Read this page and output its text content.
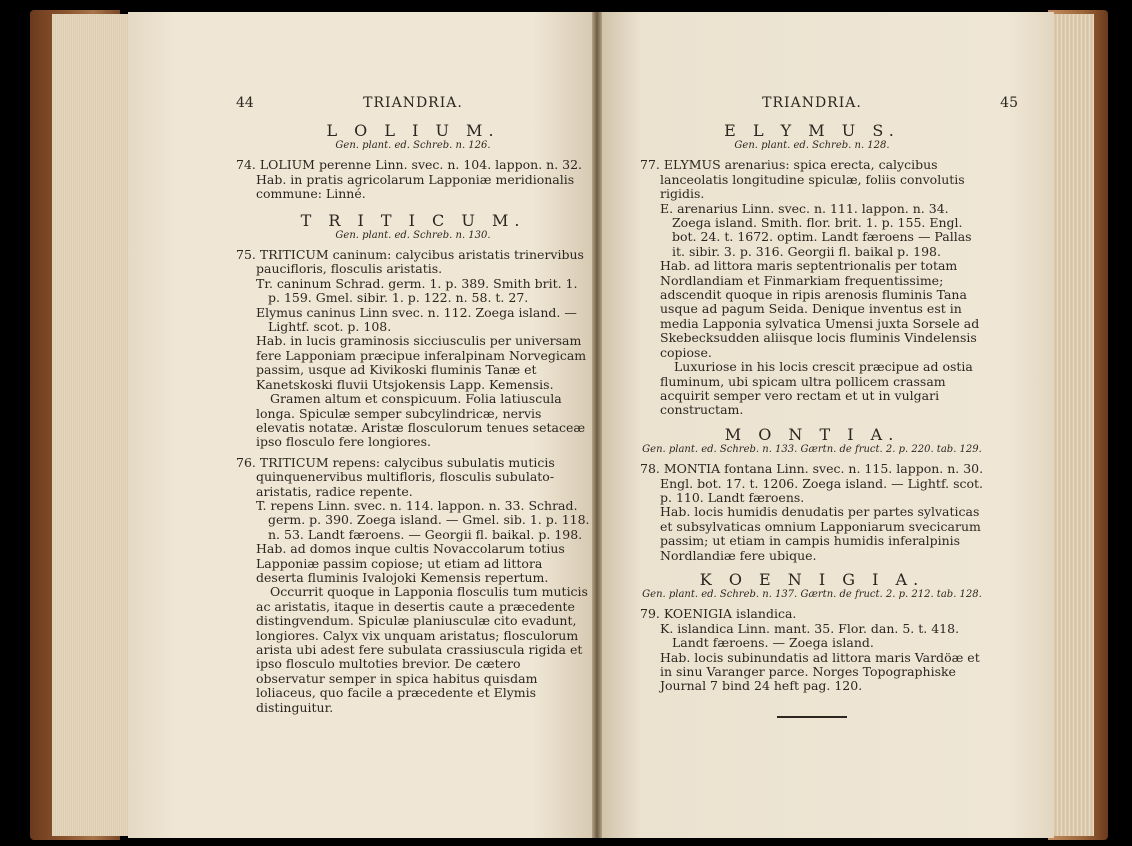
44	TRIANDRIA.
L O L I U M.
Gen. plant. ed. Schreb. n. 126.
74. LOLIUM perenne Linn. svec. n. 104. lappon. n. 32.
Hab. in pratis agricolarum Lapponiæ meridionalis commune: Linné.
T R I T I C U M.
Gen. plant. ed. Schreb. n. 130.
75. TRITICUM caninum: calycibus aristatis trinervibus paucifloris, flosculis aristatis.
Tr. caninum Schrad. germ. 1. p. 389. Smith brit. 1. p. 159. Gmel. sibir. 1. p. 122. n. 58. t. 27.
Elymus caninus Linn svec. n. 112. Zoega island. — Lightf. scot. p. 108.
Hab. in lucis graminosis sicciusculis per universam fere Lapponiam præcipue inferalpinam Norvegicam passim, usque ad Kivikoski fluminis Tanæ et Kanetskoski fluvii Utsjokensis Lapp. Kemensis.
Gramen altum et conspicuum. Folia latiuscula longa. Spiculæ semper subcylindricæ, nervis elevatis notatæ. Aristæ flosculorum tenues setaceæ ipso flosculo fere longiores.
76. TRITICUM repens: calycibus subulatis muticis quinquenervibus multifloris, flosculis subulato-aristatis, radice repente.
T. repens Linn. svec. n. 114. lappon. n. 33. Schrad. germ. p. 390. Zoega island. — Gmel. sib. 1. p. 118. n. 53. Landt færoens. — Georgii fl. baikal. p. 198.
Hab. ad domos inque cultis Novaccolarum totius Lapponiæ passim copiose; ut etiam ad littora deserta fluminis Ivalojoki Kemensis repertum.
Occurrit quoque in Lapponia flosculis tum muticis ac aristatis, itaque in desertis caute a præcedente distingvendum. Spiculæ planiusculæ cito evadunt, longiores. Calyx vix unquam aristatus; flosculorum arista ubi adest fere subulata crassiuscula rigida et ipso flosculo multoties brevior. De cætero observatur semper in spica habitus quisdam loliaceus, quo facile a præcedente et Elymis distinguitur.
TRIANDRIA.	45
E L Y M U S.
Gen. plant. ed. Schreb. n. 128.
77. ELYMUS arenarius: spica erecta, calycibus lanceolatis longitudine spiculæ, foliis convolutis rigidis.
E. arenarius Linn. svec. n. 111. lappon. n. 34. Zoega island. Smith. flor. brit. 1. p. 155. Engl. bot. 24. t. 1672. optim. Landt færoens — Pallas it. sibir. 3. p. 316. Georgii fl. baikal p. 198.
Hab. ad littora maris septentrionalis per totam Nordlandiam et Finmarkiam frequentissime; adscendit quoque in ripis arenosis fluminis Tana usque ad pagum Seida. Denique inventus est in media Lapponia sylvatica Umensi juxta Sorsele ad Skebecksudden aliisque locis fluminis Vindelensis copiose.
Luxuriose in his locis crescit præcipue ad ostia fluminum, ubi spicam ultra pollicem crassam acquirit semper vero rectam et ut in vulgari constructam.
M O N T I A.
Gen. plant. ed. Schreb. n. 133. Gærtn. de fruct. 2. p. 220. tab. 129.
78. MONTIA fontana Linn. svec. n. 115. lappon. n. 30. Engl. bot. 17. t. 1206. Zoega island. — Lightf. scot. p. 110. Landt færoens.
Hab. locis humidis denudatis per partes sylvaticas et subsylvaticas omnium Lapponiarum svecicarum passim; ut etiam in campis humidis inferalpinis Nordlandiæ fere ubique.
K O E N I G I A.
Gen. plant. ed. Schreb. n. 137. Gærtn. de fruct. 2. p. 212. tab. 128.
79. KOENIGIA islandica.
K. islandica Linn. mant. 35. Flor. dan. 5. t. 418. Landt færoens. — Zoega island.
Hab. locis subinundatis ad littora maris Vardöæ et in sinu Varanger parce. Norges Topographiske Journal 7 bind 24 heft pag. 120.
